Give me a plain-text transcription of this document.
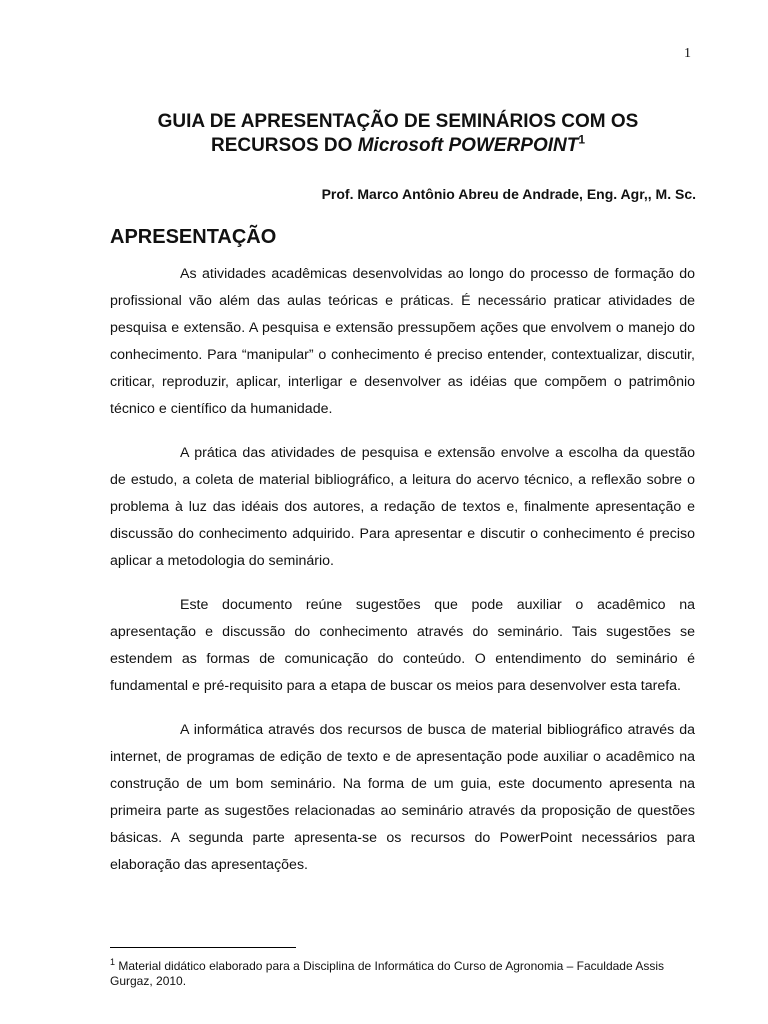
1
GUIA DE APRESENTAÇÃO DE SEMINÁRIOS COM OS
RECURSOS DO Microsoft POWERPOINT$^1$
Prof. Marco Antônio Abreu de Andrade, Eng. Agr,, M. Sc.
APRESENTAÇÃO

As atividades acadêmicas desenvolvidas ao longo do processo de formação do profissional vão além das aulas teóricas e práticas. É necessário praticar atividades de pesquisa e extensão. A pesquisa e extensão pressupõem ações que envolvem o manejo do conhecimento. Para “manipular” o conhecimento é preciso entender, contextualizar, discutir, criticar, reproduzir, aplicar, interligar e desenvolver as idéias que compõem o patrimônio técnico e científico da humanidade.

A prática das atividades de pesquisa e extensão envolve a escolha da questão de estudo, a coleta de material bibliográfico, a leitura do acervo técnico, a reflexão sobre o problema à luz das idéais dos autores, a redação de textos e, finalmente apresentação e discussão do conhecimento adquirido. Para apresentar e discutir o conhecimento é preciso aplicar a metodologia do seminário.

Este documento reúne sugestões que pode auxiliar o acadêmico na apresentação e discussão do conhecimento através do seminário. Tais sugestões se estendem as formas de comunicação do conteúdo. O entendimento do seminário é fundamental e pré-requisito para a etapa de buscar os meios para desenvolver esta tarefa.

A informática através dos recursos de busca de material bibliográfico através da internet, de programas de edição de texto e de apresentação pode auxiliar o acadêmico na construção de um bom seminário. Na forma de um guia, este documento apresenta na primeira parte as sugestões relacionadas ao seminário através da proposição de questões básicas. A segunda parte apresenta-se os recursos do PowerPoint necessários para elaboração das apresentações.

$^1$ Material didático elaborado para a Disciplina de Informática do Curso de Agronomia – Faculdade Assis Gurgaz, 2010.
